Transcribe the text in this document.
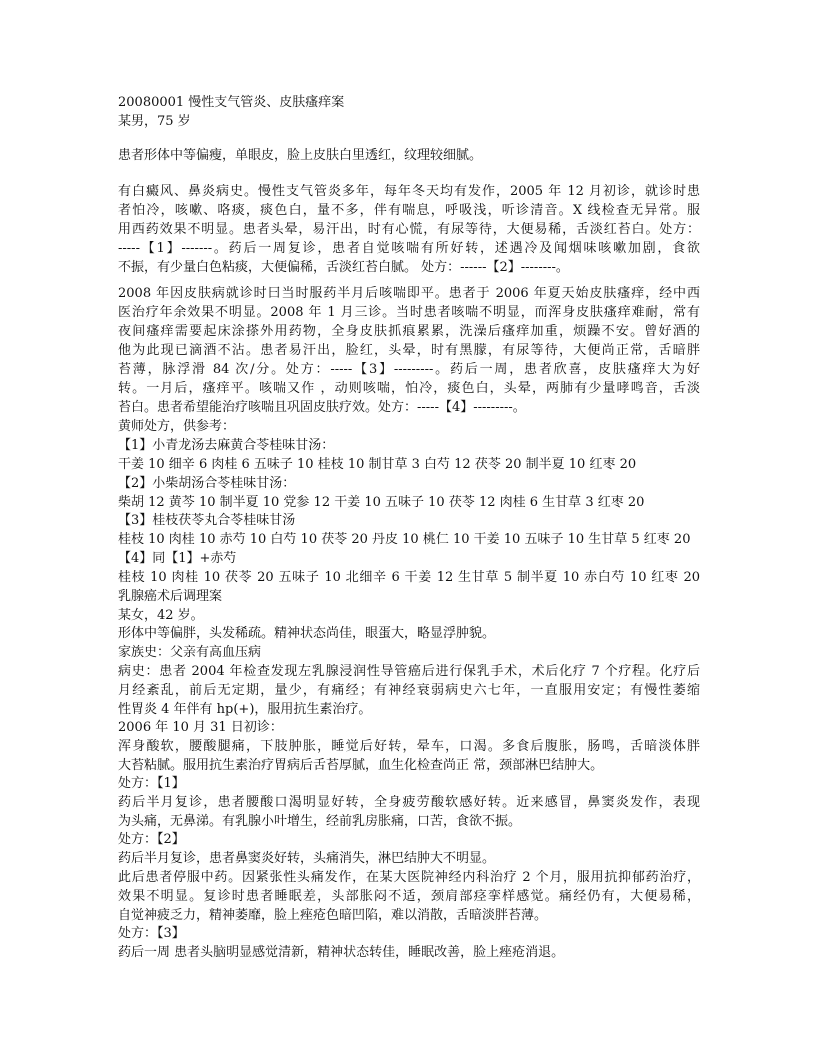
20080001 慢性支气管炎、皮肤瘙痒案
某男，75 岁
患者形体中等偏瘦，单眼皮，脸上皮肤白里透红，纹理较细腻。
有白癜风、鼻炎病史。慢性支气管炎多年，每年冬天均有发作，2005 年 12 月初诊，就诊时患
者怕冷，咳嗽、咯痰，痰色白，量不多，伴有喘息，呼吸浅，听诊清音。X 线检查无异常。服
用西药效果不明显。患者头晕，易汗出，时有心慌，有尿等待，大便易稀，舌淡红苔白。处方：
-----【1】-------。药后一周复诊，患者自觉咳喘有所好转，述遇冷及闻烟味咳嗽加剧，食欲
不振，有少量白色粘痰，大便偏稀，舌淡红苔白腻。 处方：------【2】--------。
2008 年因皮肤病就诊时曰当时服药半月后咳喘即平。患者于 2006 年夏天始皮肤瘙痒，经中西
医治疗年余效果不明显。2008 年 1 月三诊。当时患者咳喘不明显，而浑身皮肤瘙痒难耐，常有
夜间瘙痒需要起床涂搽外用药物，全身皮肤抓痕累累，洗澡后瘙痒加重，烦躁不安。曾好酒的
他为此现已滴酒不沾。患者易汗出，脸红，头晕，时有黑朦，有尿等待，大便尚正常，舌暗胖
苔薄，脉浮滑 84 次/分。处方：-----【3】---------。药后一周，患者欣喜，皮肤瘙痒大为好
转。一月后，瘙痒平。咳喘又作 ，动则咳喘，怕冷，痰色白，头晕，两肺有少量哮鸣音，舌淡
苔白。患者希望能治疗咳喘且巩固皮肤疗效。处方：-----【4】---------。
黄师处方，供参考：
【1】小青龙汤去麻黄合苓桂味甘汤：
干姜 10 细辛 6 肉桂 6 五味子 10 桂枝 10 制甘草 3 白芍 12 茯苓 20 制半夏 10 红枣 20
【2】小柴胡汤合苓桂味甘汤：
柴胡 12 黄芩 10 制半夏 10 党参 12 干姜 10 五味子 10 茯苓 12 肉桂 6 生甘草 3 红枣 20
【3】桂枝茯苓丸合苓桂味甘汤
桂枝 10 肉桂 10 赤芍 10 白芍 10 茯苓 20 丹皮 10 桃仁 10 干姜 10 五味子 10 生甘草 5 红枣 20
【4】同【1】+赤芍
桂枝 10 肉桂 10 茯苓 20 五味子 10 北细辛 6 干姜 12 生甘草 5 制半夏 10 赤白芍 10 红枣 20
乳腺癌术后调理案
某女，42 岁。
形体中等偏胖，头发稀疏。精神状态尚佳，眼蛋大，略显浮肿貌。
家族史：父亲有高血压病
病史：患者 2004 年检查发现左乳腺浸润性导管癌后进行保乳手术，术后化疗 7 个疗程。化疗后
月经紊乱，前后无定期，量少，有痛经；有神经衰弱病史六七年，一直服用安定；有慢性萎缩
性胃炎 4 年伴有 hp(+)，服用抗生素治疗。
2006 年 10 月 31 日初诊：
浑身酸软，腰酸腿痛，下肢肿胀，睡觉后好转，晕车，口渴。多食后腹胀，肠鸣，舌暗淡体胖
大苔粘腻。服用抗生素治疗胃病后舌苔厚腻，血生化检查尚正 常，颈部淋巴结肿大。
处方：【1】
药后半月复诊，患者腰酸口渴明显好转，全身疲劳酸软感好转。近来感冒，鼻窦炎发作，表现
为头痛，无鼻涕。有乳腺小叶增生，经前乳房胀痛，口苦，食欲不振。
处方：【2】
药后半月复诊，患者鼻窦炎好转，头痛消失，淋巴结肿大不明显。
此后患者停服中药。因紧张性头痛发作，在某大医院神经内科治疗 2 个月，服用抗抑郁药治疗，
效果不明显。复诊时患者睡眠差，头部胀闷不适，颈肩部痉挛样感觉。痛经仍有，大便易稀，
自觉神疲乏力，精神萎靡，脸上痤疮色暗凹陷，难以消散，舌暗淡胖苔薄。
处方：【3】
药后一周 患者头脑明显感觉清新，精神状态转佳，睡眠改善，脸上痤疮消退。
